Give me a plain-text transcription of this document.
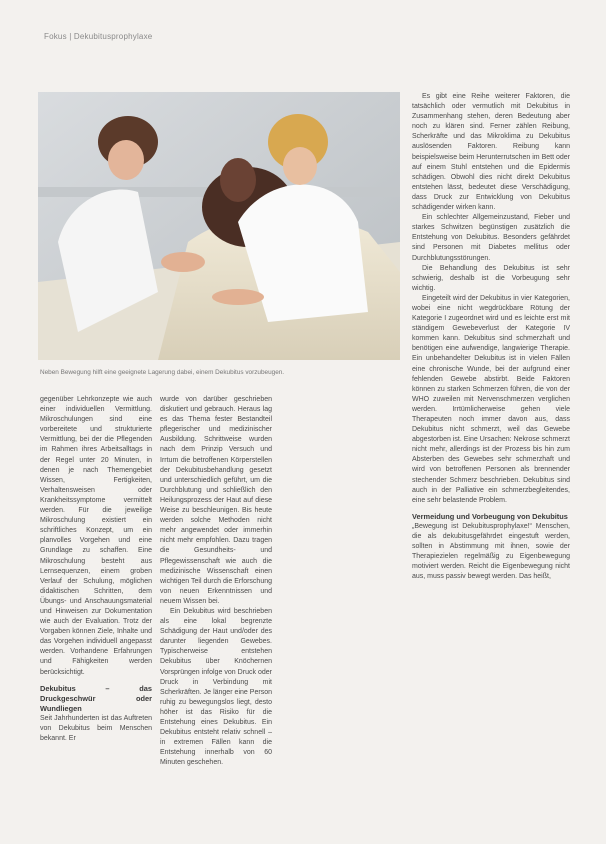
Fokus | Dekubitusprophylaxe
Neben Bewegung hilft eine geeignete Lagerung dabei, einem Dekubitus vorzubeugen.

gegenüber Lehrkonzepte wie auch einer individuellen Vermittlung. Mikroschulungen sind eine vorbereitete und strukturierte Vermittlung, bei der die Pflegenden im Rahmen ihres Arbeitsalltags in der Regel unter 20 Minuten, in denen je nach Themengebiet Wissen, Fertigkeiten, Verhaltensweisen oder Krankheitssymptome vermittelt werden. Für die jeweilige Mikroschulung existiert ein schriftliches Konzept, um ein planvolles Vorgehen und eine Grundlage zu schaffen. Eine Mikroschulung besteht aus Lernsequenzen, einem groben Verlauf der Schulung, möglichen didaktischen Schritten, dem Übungs- und Anschauungsmaterial und Hinweisen zur Dokumentation wie auch der Evaluation. Trotz der Vorgaben können Ziele, Inhalte und das Vorgehen individuell angepasst werden. Vorhandene Erfahrungen und Fähigkeiten werden berücksichtigt.

Dekubitus – das Druckgeschwür oder Wundliegen

Seit Jahrhunderten ist das Auftreten von Dekubitus beim Menschen bekannt. Er

wurde von darüber geschrieben diskutiert und gebrauch. Heraus lag es das Thema fester Bestandteil pflegerischer und medizinischer Ausbildung. Schrittweise wurden nach dem Prinzip Versuch und Irrtum die betroffenen Körperstellen der Dekubitusbehandlung gesetzt und unterschiedlich geführt, um die Durchblutung und schließlich den Heilungsprozess der Haut auf diese Weise zu beschleunigen. Bis heute werden solche Methoden nicht mehr angewendet oder immerhin nicht mehr empfohlen. Dazu tragen die Gesundheits- und Pflegewissenschaft wie auch die medizinische Wissenschaft einen wichtigen Teil durch die Erforschung von neuen Erkenntnissen und neuem Wissen bei.

Ein Dekubitus wird beschrieben als eine lokal begrenzte Schädigung der Haut und/oder des darunter liegenden Gewebes. Typischerweise entstehen Dekubitus über Knöchernen Vorsprüngen infolge von Druck oder Druck in Verbindung mit Scherkräften. Je länger eine Person ruhig zu bewegungslos liegt, desto höher ist das Risiko für die Entstehung eines Dekubitus. Ein Dekubitus entsteht relativ schnell – in extremen Fällen kann die Entstehung innerhalb von 60 Minuten geschehen.

Es gibt eine Reihe weiterer Faktoren, die tatsächlich oder vermutlich mit Dekubitus in Zusammenhang stehen, deren Bedeutung aber noch zu klären sind. Ferner zählen Reibung, Scherkräfte und das Mikroklima zu Dekubitus auslösenden Faktoren. Reibung kann beispielsweise beim Herunterrutschen im Bett oder auf einem Stuhl entstehen und die Epidermis schädigen. Obwohl dies nicht direkt Dekubitus entstehen lässt, bedeutet diese Verschädigung, dass Druck zur Entwicklung von Dekubitus schädigender wirken kann.

Ein schlechter Allgemeinzustand, Fieber und starkes Schwitzen begünstigen zusätzlich die Entstehung von Dekubitus. Besonders gefährdet sind Personen mit Diabetes mellitus oder Durchblutungsstörungen.

Die Behandlung des Dekubitus ist sehr schwierig, deshalb ist die Vorbeugung sehr wichtig.

Eingeteilt wird der Dekubitus in vier Kategorien, wobei eine nicht wegdrückbare Rötung der Kategorie I zugeordnet wird und es leichte erst mit ständigem Gewebeverlust der Kategorie IV kommen kann. Dekubitus sind schmerzhaft und benötigen eine aufwendige, langwierige Therapie. Ein unbehandelter Dekubitus ist in vielen Fällen eine chronische Wunde, bei der aufgrund einer fehlenden Gewebe abstirbt. Beide Faktoren können zu starken Schmerzen führen, die von der WHO zuweilen mit Nervenschmerzen verglichen werden. Irrtümlicherweise gehen viele Therapeuten noch immer davon aus, dass Dekubitus nicht schmerzt, weil das Gewebe abgestorben ist. Eine Ursachen: Nekrose schmerzt nicht mehr, allerdings ist der Prozess bis hin zum Absterben des Gewebes sehr schmerzhaft und wird von betroffenen Personen als brennender stechender Schmerz beschrieben. Dekubitus sind auch in der Palliative ein schmerzbegleitendes, eine sehr belastende Problem.

Vermeidung und Vorbeugung von Dekubitus

„Bewegung ist Dekubitusprophylaxe!“ Menschen, die als dekubitusgefährdet eingestuft werden, sollten in Abstimmung mit ihnen, sowie der Therapiezielen regelmäßig zu Eigenbewegung motiviert werden. Reicht die Eigenbewegung nicht aus, muss passiv bewegt werden. Das heißt,
